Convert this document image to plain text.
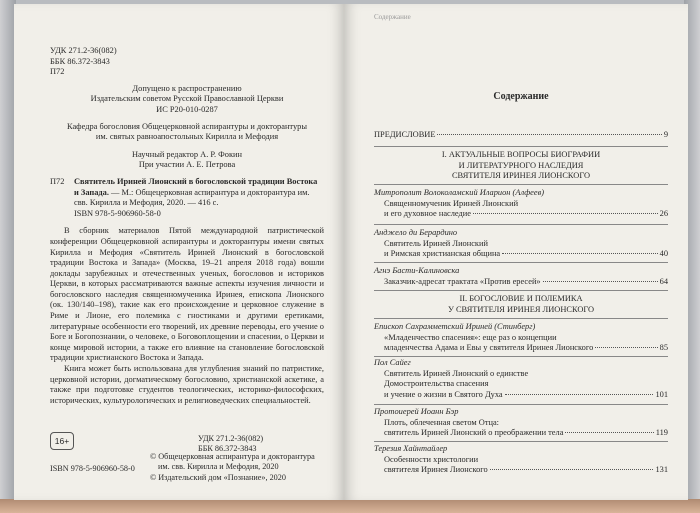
УДК 271.2-36(082)
ББК 86.372-3843
П72
Допущено к распространению
Издательским советом Русской Православной Церкви
ИС Р20-010-0287
Кафедра богословия Общецерковной аспирантуры и докторантуры
им. святых равноапостольных Кирилла и Мефодия
Научный редактор А. Р. Фокин
При участии А. Е. Петрова
П72 Святитель Ириней Лионский в богословской традиции Востока и Запада. — М.: Общецерковная аспирантура и докторантура им. свв. Кирилла и Мефодия, 2020. — 416 с.
ISBN 978-5-906960-58-0
В сборник материалов Пятой международной патристической конференции Общецерковной аспирантуры и докторантуры имени святых Кирилла и Мефодия «Святитель Ириней Лионский в богословской традиции Востока и Запада» (Москва, 19–21 апреля 2018 года) вошли доклады зарубежных и отечественных ученых, богословов и историков Церкви, в которых рассматриваются важные аспекты изучения личности и богословского наследия священномученика Иринея, епископа Лионского (ок. 130/140–198), такие как его происхождение и церковное служение в Риме и Лионе, его полемика с гностиками и другими еретиками, литературные особенности его творений, их древние переводы, его учение о Боге и Богопознании, о человеке, о Боговоплощении и спасении, о Церкви и конце мировой истории, а также его влияние на становление богословской традиции христианского Востока и Запада.
Книга может быть использована для углубления знаний по патристике, церковной истории, догматическому богословию, христианской аскетике, а также при подготовке студентов теологических, историко-философских, исторических, культурологических и религиоведческих специальностей.
16+	УДК 271.2-36(082)
ББК 86.372-3843
© Общецерковная аспирантура и докторантура
им. свв. Кирилла и Мефодия, 2020
© Издательский дом «Познание», 2020
ISBN 978-5-906960-58-0
Содержание
Содержание
ПРЕДИСЛОВИЕ	9
I. АКТУАЛЬНЫЕ ВОПРОСЫ БИОГРАФИИ
И ЛИТЕРАТУРНОГО НАСЛЕДИЯ
СВЯТИТЕЛЯ ИРИНЕЯ ЛИОНСКОГО
Митрополит Волоколамский Иларион (Алфеев)
Священномученик Ириней Лионский
и его духовное наследие	26
Анджело ди Берардино
Святитель Ириней Лионский
и Римская христианская община	40
Агнэ Басти-Калиновска
Заказчик-адресат трактата «Против ересей»	64
II. БОГОСЛОВИЕ И ПОЛЕМИКА
У СВЯТИТЕЛЯ ИРИНЕЯ ЛИОНСКОГО
Епископ Сахрамметский Ириней (Стинберг)
«Младенчество спасения»: еще раз о концепции
младенчества Адама и Евы у святителя Иринея Лионского	85
Пол Сайег
Святитель Ириней Лионский о единстве
Домостроительства спасения
и учение о жизни в Святого Духа	101
Протоиерей Иоанн Бэр
Плоть, облеченная светом Отца:
святитель Ириней Лионский о преображении тела	119
Терезия Хайнтайлер
Особенности христологии
святителя Иринея Лионского	131
